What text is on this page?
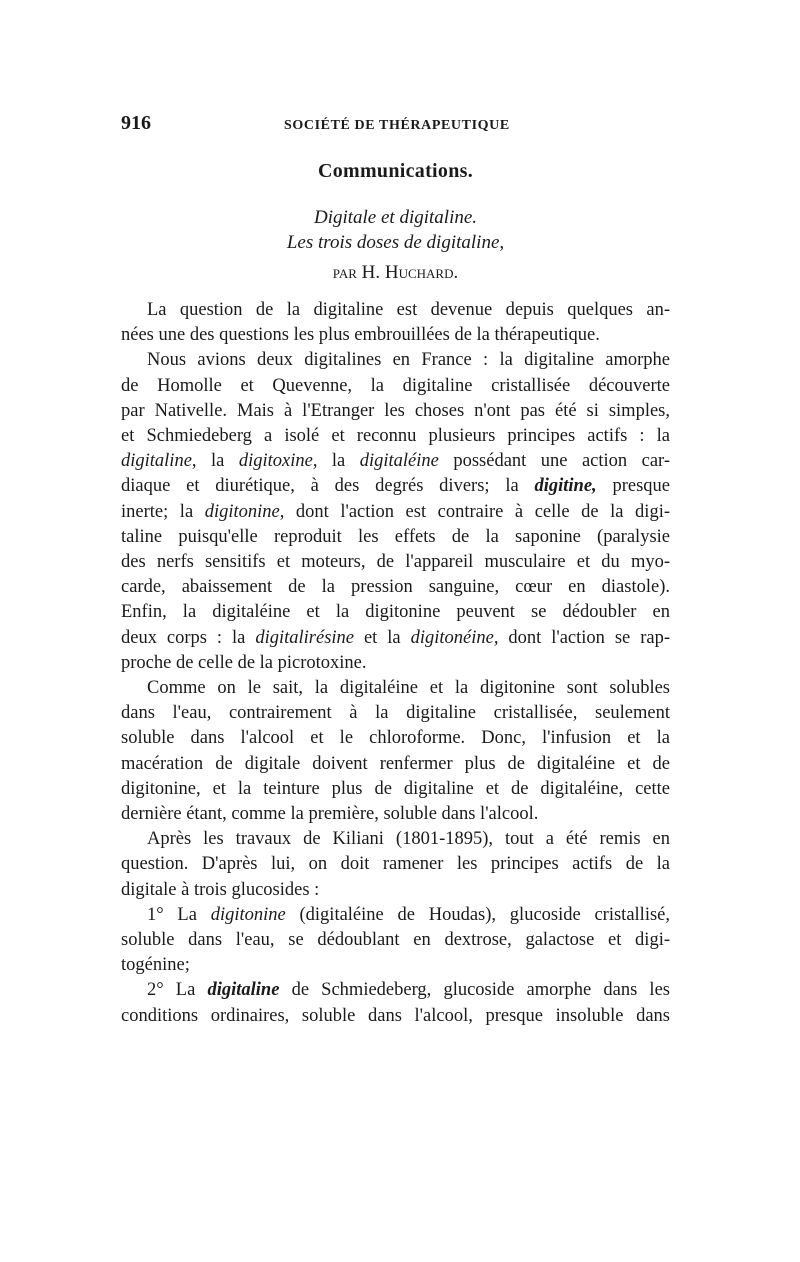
916	SOCIÉTÉ DE THÉRAPEUTIQUE
Communications.
Digitale et digitaline.
Les trois doses de digitaline,
par H. Huchard.

La question de la digitaline est devenue depuis quelques an-
nées une des questions les plus embrouillées de la thérapeutique.

Nous avions deux digitalines en France : la digitaline amorphe
de Homolle et Quevenne, la digitaline cristallisée découverte
par Nativelle. Mais à l'Etranger les choses n'ont pas été si simples,
et Schmiedeberg a isolé et reconnu plusieurs principes actifs : la
digitaline, la digitoxine, la digitaléine possédant une action car-
diaque et diurétique, à des degrés divers; la digitine, presque
inerte; la digitonine, dont l'action est contraire à celle de la digi-
taline puisqu'elle reproduit les effets de la saponine (paralysie
des nerfs sensitifs et moteurs, de l'appareil musculaire et du myo-
carde, abaissement de la pression sanguine, cœur en diastole).
Enfin, la digitaléine et la digitonine peuvent se dédoubler en
deux corps : la digitalirésine et la digitonéine, dont l'action se rap-
proche de celle de la picrotoxine.

Comme on le sait, la digitaléine et la digitonine sont solubles
dans l'eau, contrairement à la digitaline cristallisée, seulement
soluble dans l'alcool et le chloroforme. Donc, l'infusion et la
macération de digitale doivent renfermer plus de digitaléine et de
digitonine, et la teinture plus de digitaline et de digitaléine, cette
dernière étant, comme la première, soluble dans l'alcool.

Après les travaux de Kiliani (1801-1895), tout a été remis en
question. D'après lui, on doit ramener les principes actifs de la
digitale à trois glucosides :

1° La digitonine (digitaléine de Houdas), glucoside cristallisé,
soluble dans l'eau, se dédoublant en dextrose, galactose et digi-
togénine;

2° La digitaline de Schmiedeberg, glucoside amorphe dans les
conditions ordinaires, soluble dans l'alcool, presque insoluble dans
